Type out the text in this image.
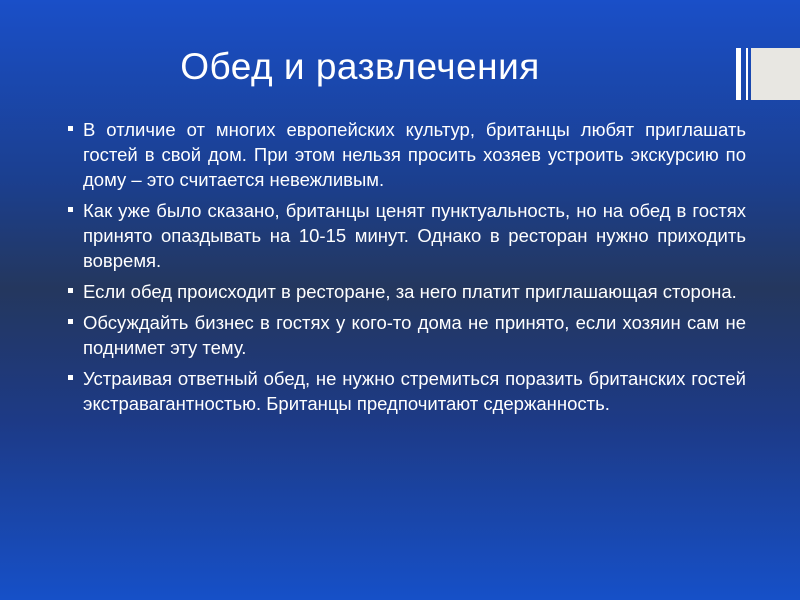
Обед и развлечения
В отличие от многих европейских культур, британцы любят приглашать гостей в свой дом. При этом нельзя просить хозяев устроить экскурсию по дому – это считается невежливым.
Как уже было сказано, британцы ценят пунктуальность, но на обед в гостях принято опаздывать на 10-15 минут. Однако в ресторан нужно приходить вовремя.
Если обед происходит в ресторане, за него платит приглашающая сторона.
Обсуждайть бизнес в гостях у кого-то дома не принято, если хозяин сам не поднимет эту тему.
Устраивая ответный обед, не нужно стремиться поразить британских гостей экстравагантностью. Британцы предпочитают сдержанность.
